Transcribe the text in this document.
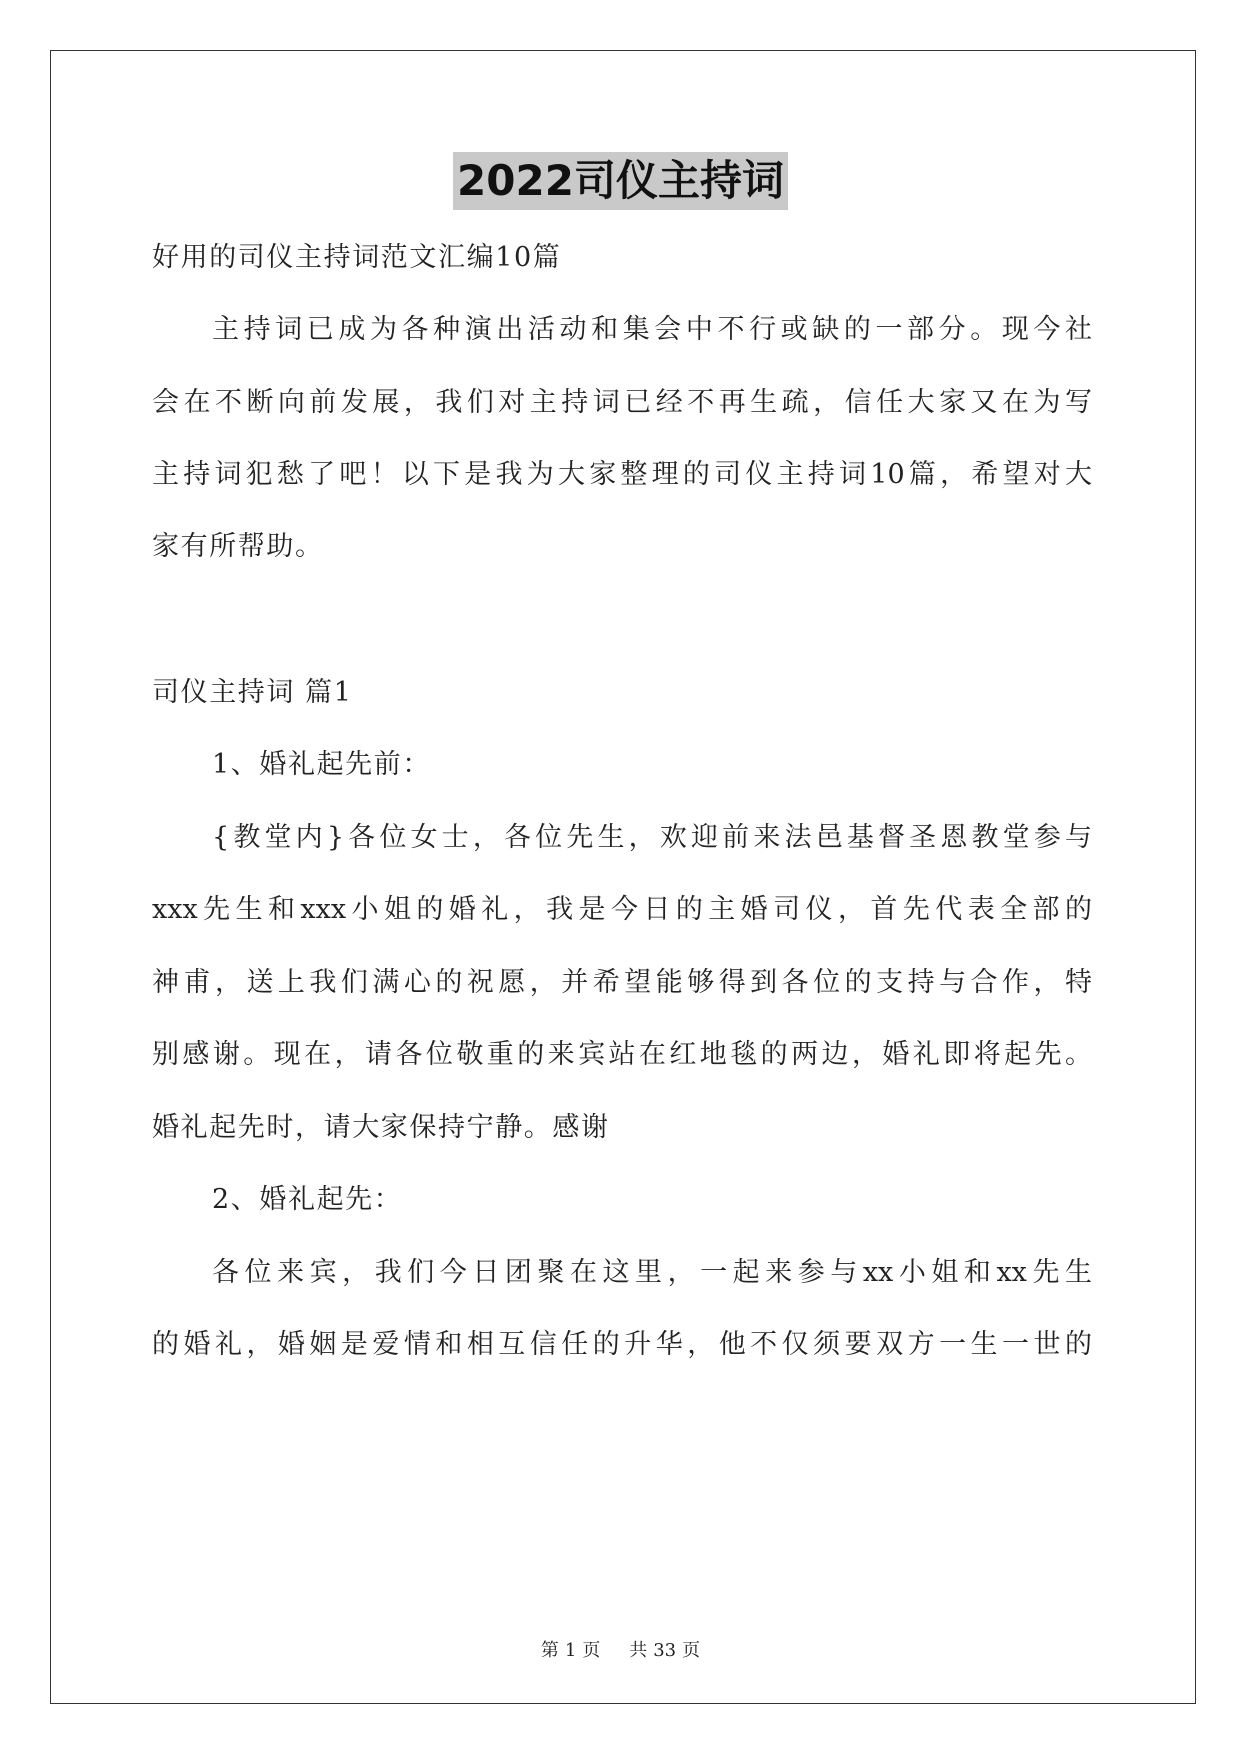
2022司仪主持词
好用的司仪主持词范文汇编10篇
主持词已成为各种演出活动和集会中不行或缺的一部分。现今社
会在不断向前发展，我们对主持词已经不再生疏，信任大家又在为写
主持词犯愁了吧！以下是我为大家整理的司仪主持词10篇，希望对大
家有所帮助。
司仪主持词 篇1
1、婚礼起先前：
{教堂内}各位女士，各位先生，欢迎前来法邑基督圣恩教堂参与
xxx先生和xxx小姐的婚礼，我是今日的主婚司仪，首先代表全部的
神甫，送上我们满心的祝愿，并希望能够得到各位的支持与合作，特
别感谢。现在，请各位敬重的来宾站在红地毯的两边，婚礼即将起先。
婚礼起先时，请大家保持宁静。感谢
2、婚礼起先：
各位来宾，我们今日团聚在这里，一起来参与xx小姐和xx先生
的婚礼，婚姻是爱情和相互信任的升华，他不仅须要双方一生一世的
第 1 页 共 33 页
